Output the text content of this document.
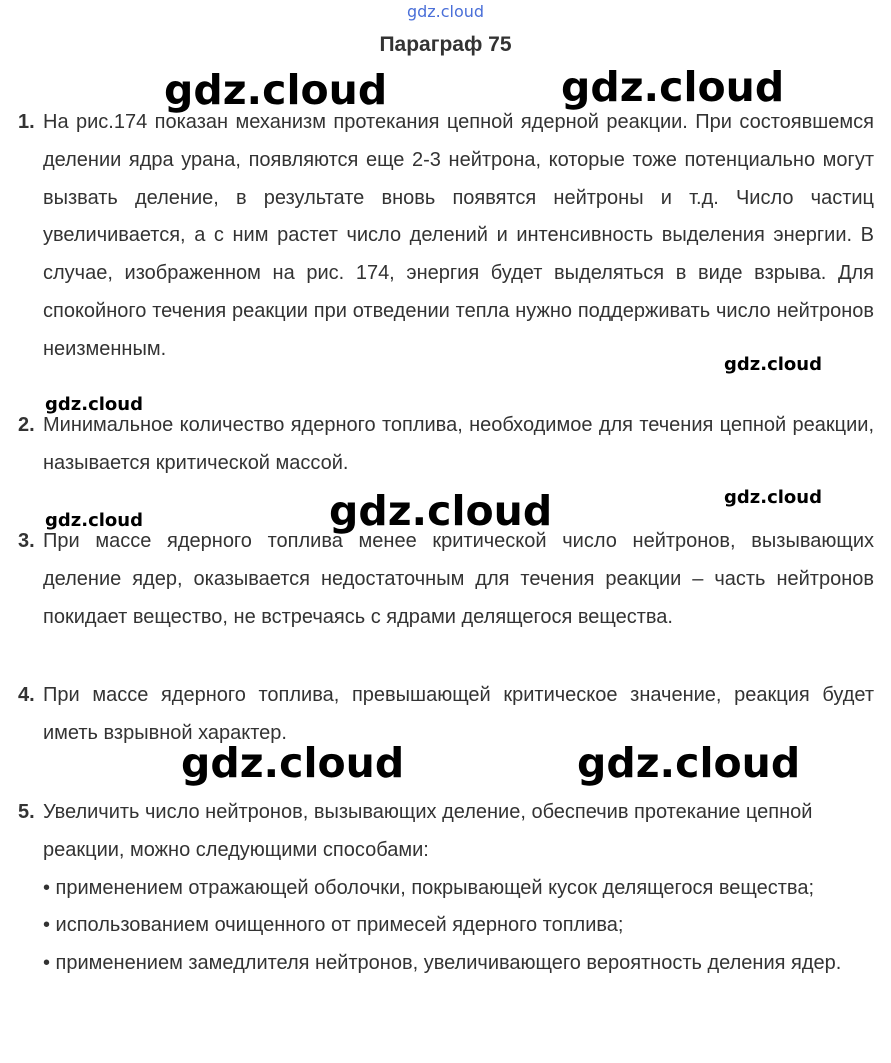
gdz.cloud
Параграф 75
1. На рис.174 показан механизм протекания цепной ядерной реакции. При состоявшемся делении ядра урана, появляются еще 2-3 нейтрона, которые тоже потенциально могут вызвать деление, в результате вновь появятся нейтроны и т.д. Число частиц увеличивается, а с ним растет число делений и интенсивность выделения энергии. В случае, изображенном на рис. 174, энергия будет выделяться в виде взрыва. Для спокойного течения реакции при отведении тепла нужно поддерживать число нейтронов неизменным.

2. Минимальное количество ядерного топлива, необходимое для течения цепной реакции, называется критической массой.

3. При массе ядерного топлива менее критической число нейтронов, вызывающих деление ядер, оказывается недостаточным для течения реакции – часть нейтронов покидает вещество, не встречаясь с ядрами делящегося вещества.

4. При массе ядерного топлива, превышающей критическое значение, реакция будет иметь взрывной характер.

5. Увеличить число нейтронов, вызывающих деление, обеспечив протекание цепной реакции, можно следующими способами:

• применением отражающей оболочки, покрывающей кусок делящегося вещества;

• использованием очищенного от примесей ядерного топлива;

• применением замедлителя нейтронов, увеличивающего вероятность деления ядер.

gdz.cloud	gdz.cloud
gdz.cloud
gdz.cloud
gdz.cloud
gdz.cloud
gdz.cloud
gdz.cloud	gdz.cloud
